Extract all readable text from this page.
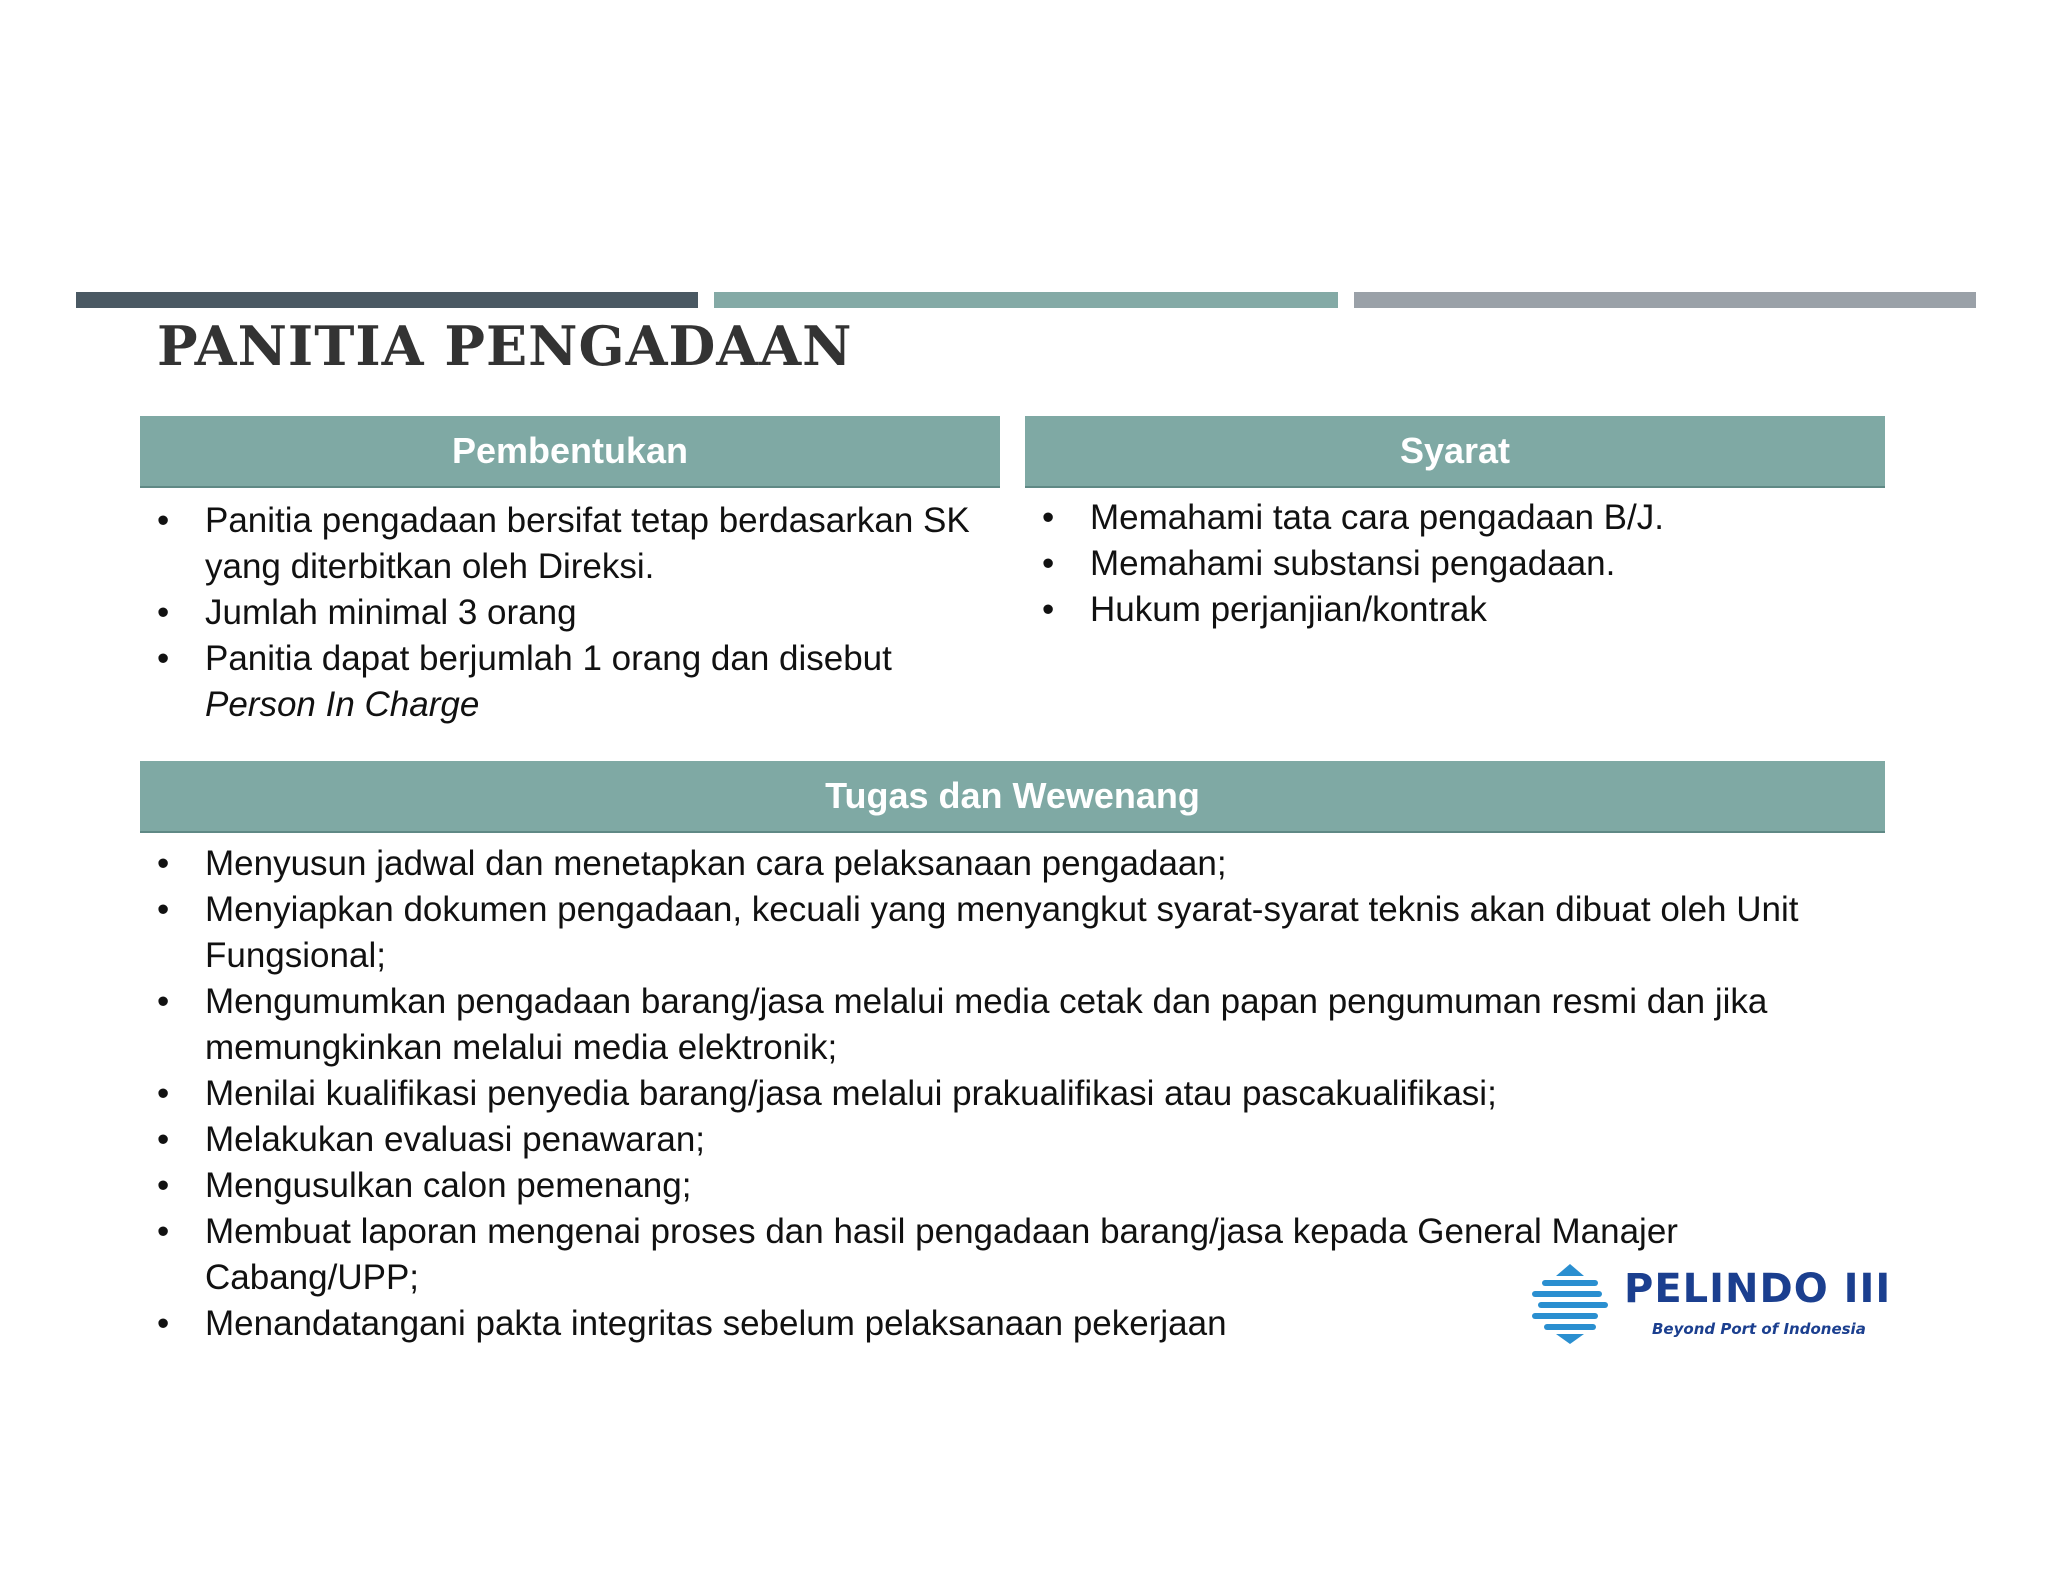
PANITIA PENGADAAN
Pembentukan
• Panitia pengadaan bersifat tetap berdasarkan SK yang diterbitkan oleh Direksi.
• Jumlah minimal 3 orang
• Panitia dapat berjumlah 1 orang dan disebut
Person In Charge
Syarat
• Memahami tata cara pengadaan B/J.
• Memahami substansi pengadaan.
• Hukum perjanjian/kontrak
Tugas dan Wewenang
• Menyusun jadwal dan menetapkan cara pelaksanaan pengadaan;
• Menyiapkan dokumen pengadaan, kecuali yang menyangkut syarat-syarat teknis akan dibuat oleh Unit Fungsional;
• Mengumumkan pengadaan barang/jasa melalui media cetak dan papan pengumuman resmi dan jika memungkinkan melalui media elektronik;
• Menilai kualifikasi penyedia barang/jasa melalui prakualifikasi atau pascakualifikasi;
• Melakukan evaluasi penawaran;
• Mengusulkan calon pemenang;
• Membuat laporan mengenai proses dan hasil pengadaan barang/jasa kepada General Manajer Cabang/UPP;
• Menandatangani pakta integritas sebelum pelaksanaan pekerjaan
PELINDO III
Beyond Port of Indonesia
